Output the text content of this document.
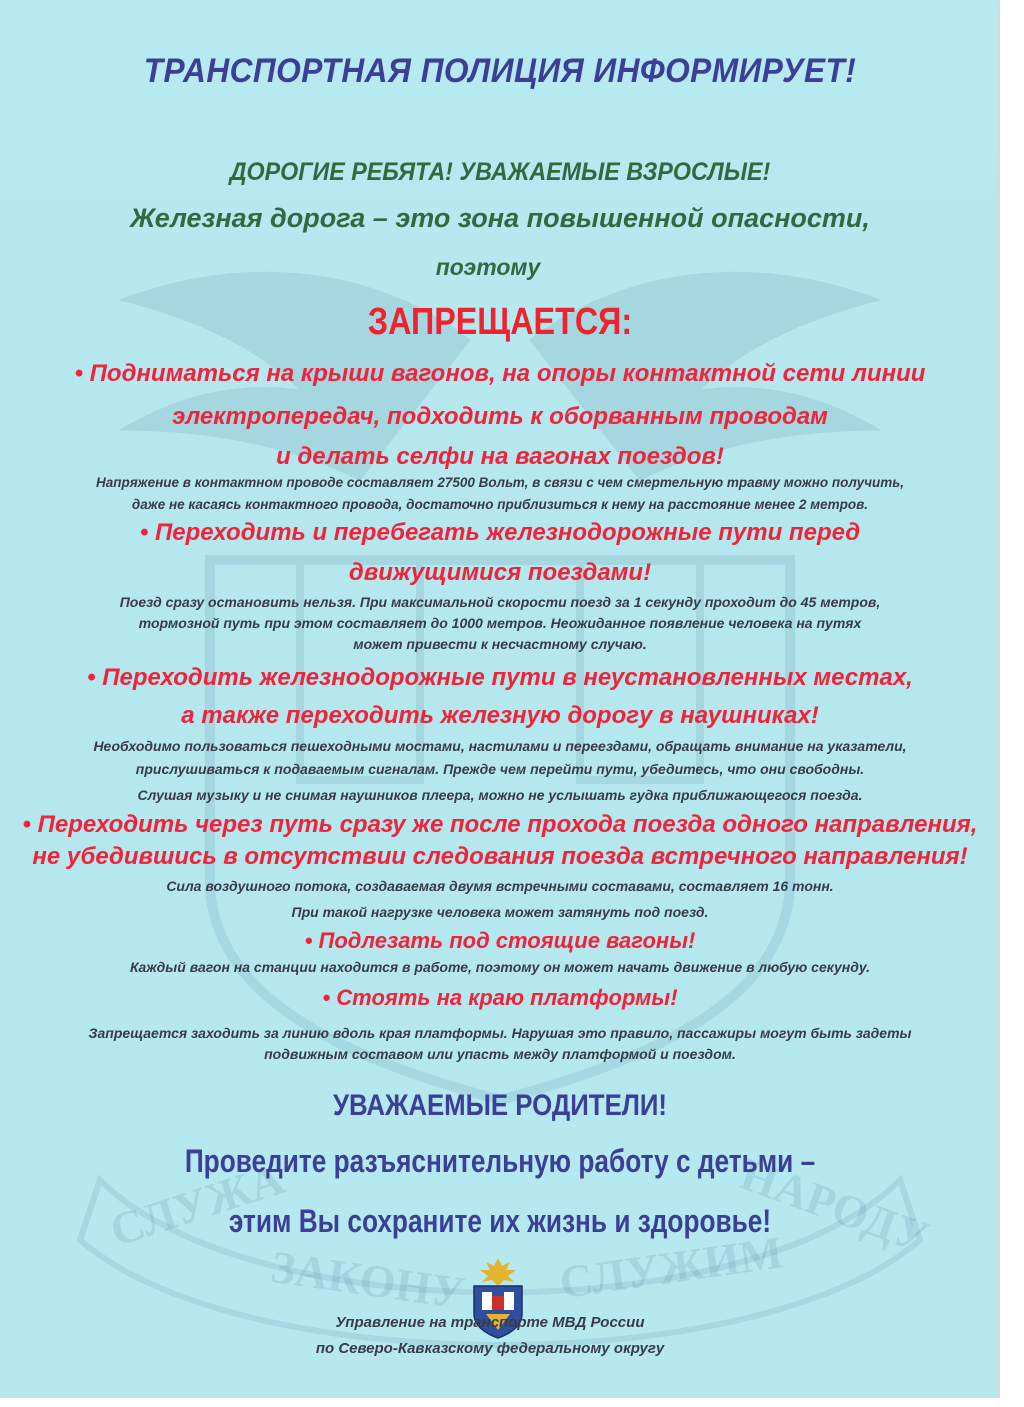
СЛУЖА
ЗАКОНУ СЛУЖИМ
НАРОДУ
ТРАНСПОРТНАЯ ПОЛИЦИЯ ИНФОРМИРУЕТ!
ДОРОГИЕ РЕБЯТА! УВАЖАЕМЫЕ ВЗРОСЛЫЕ!
Железная дорога – это зона повышенной опасности,
поэтому
ЗАПРЕЩАЕТСЯ:
• Подниматься на крыши вагонов, на опоры контактной сети линии
электропередач, подходить к оборванным проводам
и делать селфи на вагонах поездов!
Напряжение в контактном проводе составляет 27500 Вольт, в связи с чем смертельную травму можно получить,
даже не касаясь контактного провода, достаточно приблизиться к нему на расстояние менее 2 метров.
• Переходить и перебегать железнодорожные пути перед
движущимися поездами!
Поезд сразу остановить нельзя. При максимальной скорости поезд за 1 секунду проходит до 45 метров,
тормозной путь при этом составляет до 1000 метров. Неожиданное появление человека на путях
может привести к несчастному случаю.
• Переходить железнодорожные пути в неустановленных местах,
а также переходить железную дорогу в наушниках!
Необходимо пользоваться пешеходными мостами, настилами и переездами, обращать внимание на указатели,
прислушиваться к подаваемым сигналам. Прежде чем перейти пути, убедитесь, что они свободны.
Слушая музыку и не снимая наушников плеера, можно не услышать гудка приближающегося поезда.
• Переходить через путь сразу же после прохода поезда одного направления,
не убедившись в отсутствии следования поезда встречного направления!
Сила воздушного потока, создаваемая двумя встречными составами, составляет 16 тонн.
При такой нагрузке человека может затянуть под поезд.
• Подлезать под стоящие вагоны!
Каждый вагон на станции находится в работе, поэтому он может начать движение в любую секунду.
• Стоять на краю платформы!
Запрещается заходить за линию вдоль края платформы. Нарушая это правило, пассажиры могут быть задеты
подвижным составом или упасть между платформой и поездом.
УВАЖАЕМЫЕ РОДИТЕЛИ!
Проведите разъяснительную работу с детьми –
этим Вы сохраните их жизнь и здоровье!
Управление на транспорте МВД России
по Северо-Кавказскому федеральному округу
